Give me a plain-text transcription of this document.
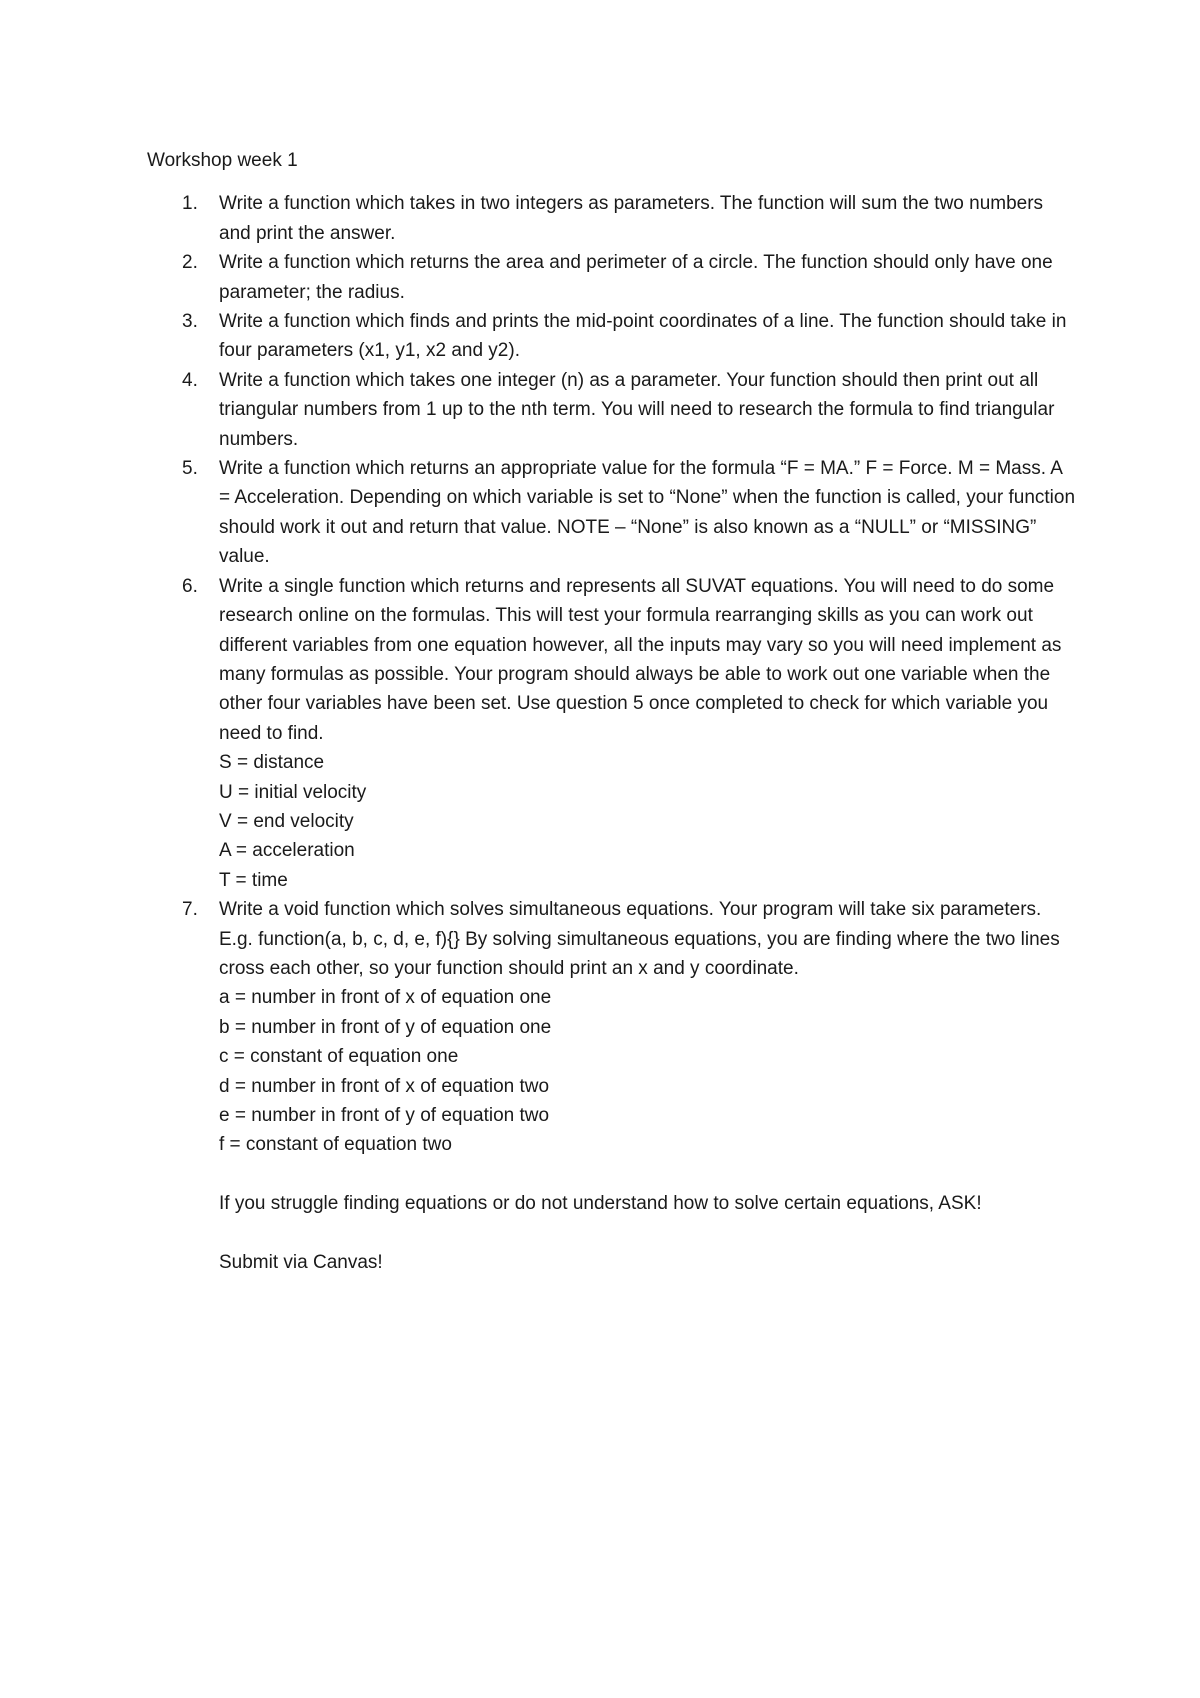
Workshop week 1
1. Write a function which takes in two integers as parameters. The function will sum the two numbers and print the answer.
2. Write a function which returns the area and perimeter of a circle. The function should only have one parameter; the radius.
3. Write a function which finds and prints the mid-point coordinates of a line. The function should take in four parameters (x1, y1, x2 and y2).
4. Write a function which takes one integer (n) as a parameter. Your function should then print out all triangular numbers from 1 up to the nth term. You will need to research the formula to find triangular numbers.
5. Write a function which returns an appropriate value for the formula “F = MA.” F = Force. M = Mass. A = Acceleration. Depending on which variable is set to “None” when the function is called, your function should work it out and return that value. NOTE – “None” is also known as a “NULL” or “MISSING” value.
6. Write a single function which returns and represents all SUVAT equations. You will need to do some research online on the formulas. This will test your formula rearranging skills as you can work out different variables from one equation however, all the inputs may vary so you will need implement as many formulas as possible. Your program should always be able to work out one variable when the other four variables have been set. Use question 5 once completed to check for which variable you need to find.
S = distance
U = initial velocity
V = end velocity
A = acceleration
T = time
7. Write a void function which solves simultaneous equations. Your program will take six parameters. E.g. function(a, b, c, d, e, f){} By solving simultaneous equations, you are finding where the two lines cross each other, so your function should print an x and y coordinate.
a = number in front of x of equation one
b = number in front of y of equation one
c = constant of equation one
d = number in front of x of equation two
e = number in front of y of equation two
f = constant of equation two

If you struggle finding equations or do not understand how to solve certain equations, ASK!

Submit via Canvas!
